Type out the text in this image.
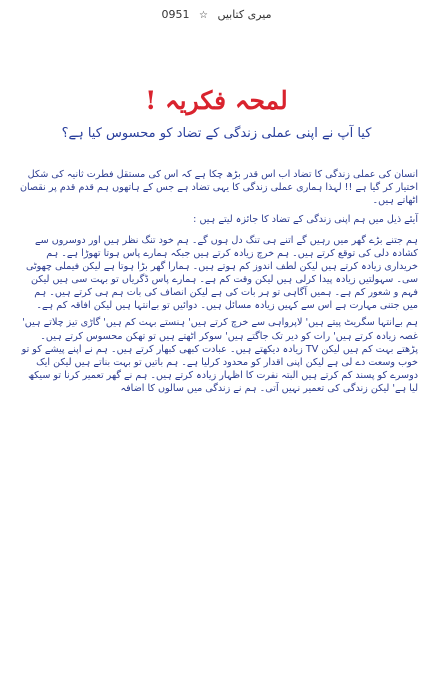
میری کتابیں ☆ 0951
لمحہ فکریہ !
کیا آپ نے اپنی عملی زندگی کے تضاد کو محسوس کیا ہے؟

انسان کی عملی زندگی کا تضاد اب اس قدر بڑھ چکا ہے کہ اس کی مستقل فطرت ثانیہ کی شکل اختیار کر گیا ہے !! لہذا ہماری عملی زندگی کا یہی تضاد ہے جس کے ہاتھوں ہم قدم قدم پر نقصان اٹھاتے ہیں۔

آیئے ذیل میں ہم اپنی زندگی کے تضاد کا جائزہ لیتے ہیں :

ہم جتنے بڑے گھر میں رہیں گے اتنے ہی تنگ دل ہوں گے۔ ہم خود تنگ نظر ہیں اور دوسروں سے کشادہ دلی کی توقع کرتے ہیں۔ ہم خرچ زیادہ کرتے ہیں جبکہ ہمارے پاس ہوتا تھوڑا ہے۔ ہم خریداری زیادہ کرتے ہیں لیکن لطف اندوز کم ہوتے ہیں۔ ہمارا گھر بڑا ہوتا ہے لیکن فیملی چھوٹی سی۔ سہولتیں زیادہ پیدا کرلی ہیں لیکن وقت کم ہے۔ ہمارے پاس ڈگریاں تو بہت سی ہیں لیکن فہم و شعور کم ہے۔ ہمیں آگاہی تو ہر بات کی ہے لیکن انصاف کی بات ہم ہی کرتے ہیں۔ ہم میں جتنی مہارت ہے اس سے کہیں زیادہ مسائل ہیں۔ دوائیں تو بےانتہا ہیں لیکن افاقہ کم ہے۔

ہم بےانتہا سگریٹ پیتے ہیں' لاپرواہی سے خرچ کرتے ہیں' ہنستے بہت کم ہیں' گاڑی تیز چلاتے ہیں' غصہ زیادہ کرتے ہیں' رات کو دیر تک جاگتے ہیں' سوکر اٹھتے ہیں تو تھکن محسوس کرتے ہیں۔ پڑھتے بہت کم ہیں لیکن TV زیادہ دیکھتے ہیں۔ عبادت کبھی کبھار کرتے ہیں۔ ہم نے اپنے پیشے کو تو خوب وسعت دے لی ہے لیکن اپنی اقدار کو محدود کرلیا ہے۔ ہم باتیں تو بہت بناتے ہیں لیکن ایک دوسرے کو پسند کم کرتے ہیں البتہ نفرت کا اظہار زیادہ کرتے ہیں۔ ہم نے گھر تعمیر کرنا تو سیکھ لیا ہے' لیکن زندگی کی تعمیر نہیں آتی۔ ہم نے زندگی میں سالوں کا اضافہ
